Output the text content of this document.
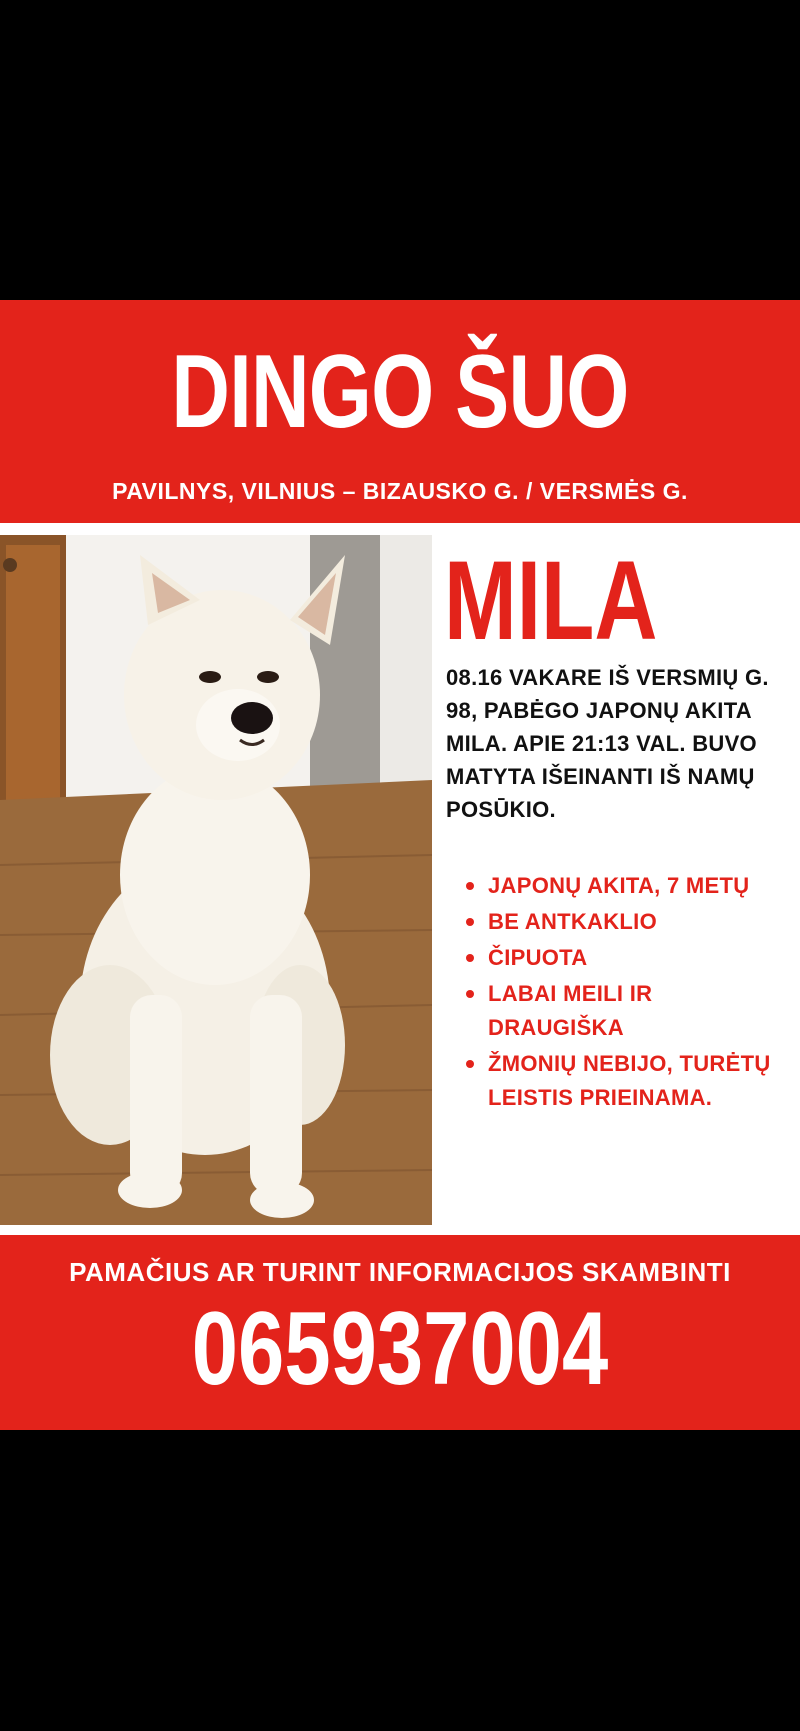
DINGO ŠUO
PAVILNYS, VILNIUS – BIZAUSKO G. / VERSMĖS G.
MILA
08.16 VAKARE IŠ VERSMIŲ G. 98, PABĖGO JAPONŲ AKITA MILA. APIE 21:13 VAL. BUVO MATYTA IŠEINANTI IŠ NAMŲ POSŪKIO.
JAPONŲ AKITA, 7 METŲ
BE ANTKAKLIO
ČIPUOTA
LABAI MEILI IR DRAUGIŠKA
ŽMONIŲ NEBIJO, TURĖTŲ LEISTIS PRIEINAMA.
PAMAČIUS AR TURINT INFORMACIJOS SKAMBINTI
065937004
